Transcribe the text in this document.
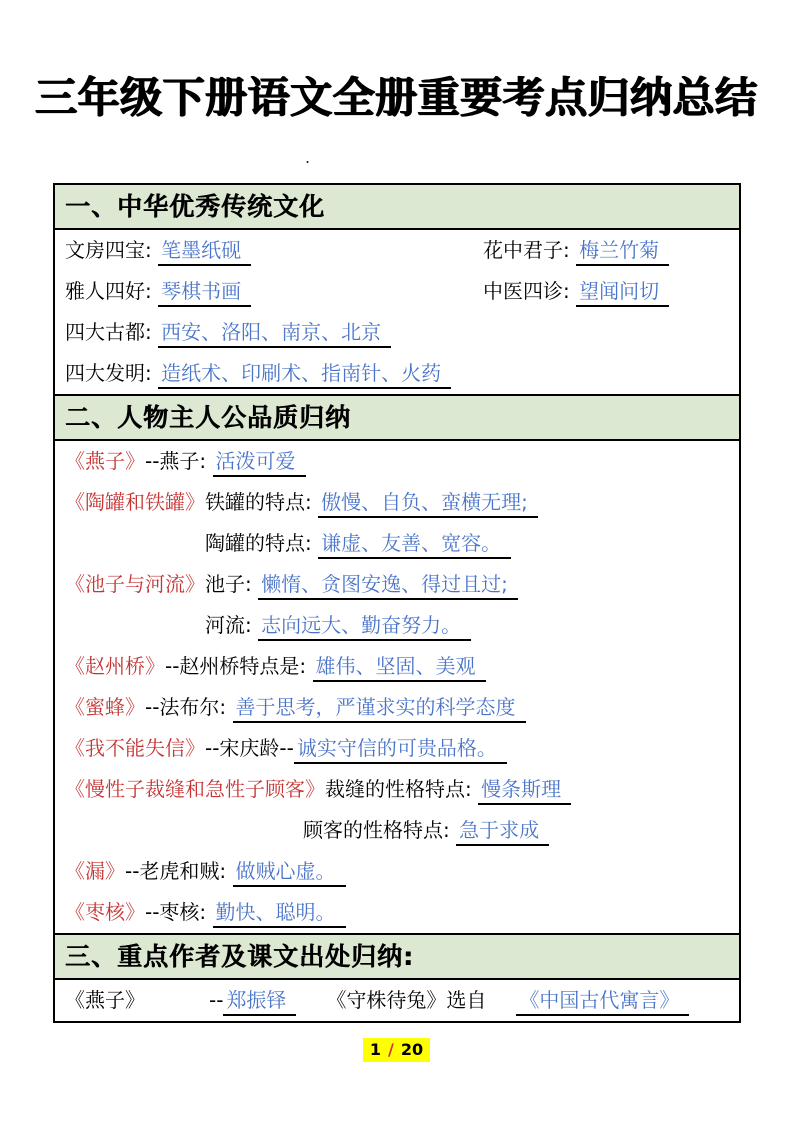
三年级下册语文全册重要考点归纳总结
.
一、中华优秀传统文化
文房四宝: 笔墨纸砚	花中君子: 梅兰竹菊
雅人四好: 琴棋书画	中医四诊: 望闻问切
四大古都: 西安、洛阳、南京、北京
四大发明: 造纸术、印刷术、指南针、火药
二、人物主人公品质归纳
《燕子》--燕子: 活泼可爱
《陶罐和铁罐》铁罐的特点: 傲慢、自负、蛮横无理;
陶罐的特点: 谦虚、友善、宽容。
《池子与河流》池子: 懒惰、贪图安逸、得过且过;
河流: 志向远大、勤奋努力。
《赵州桥》--赵州桥特点是: 雄伟、坚固、美观
《蜜蜂》--法布尔: 善于思考，严谨求实的科学态度
《我不能失信》--宋庆龄-- 诚实守信的可贵品格。
《慢性子裁缝和急性子顾客》裁缝的性格特点: 慢条斯理
顾客的性格特点: 急于求成
《漏》--老虎和贼: 做贼心虚。
《枣核》--枣核: 勤快、聪明。
三、重点作者及课文出处归纳:
《燕子》	-- 郑振铎 《守株待兔》选自 《中国古代寓言》
1 / 20
